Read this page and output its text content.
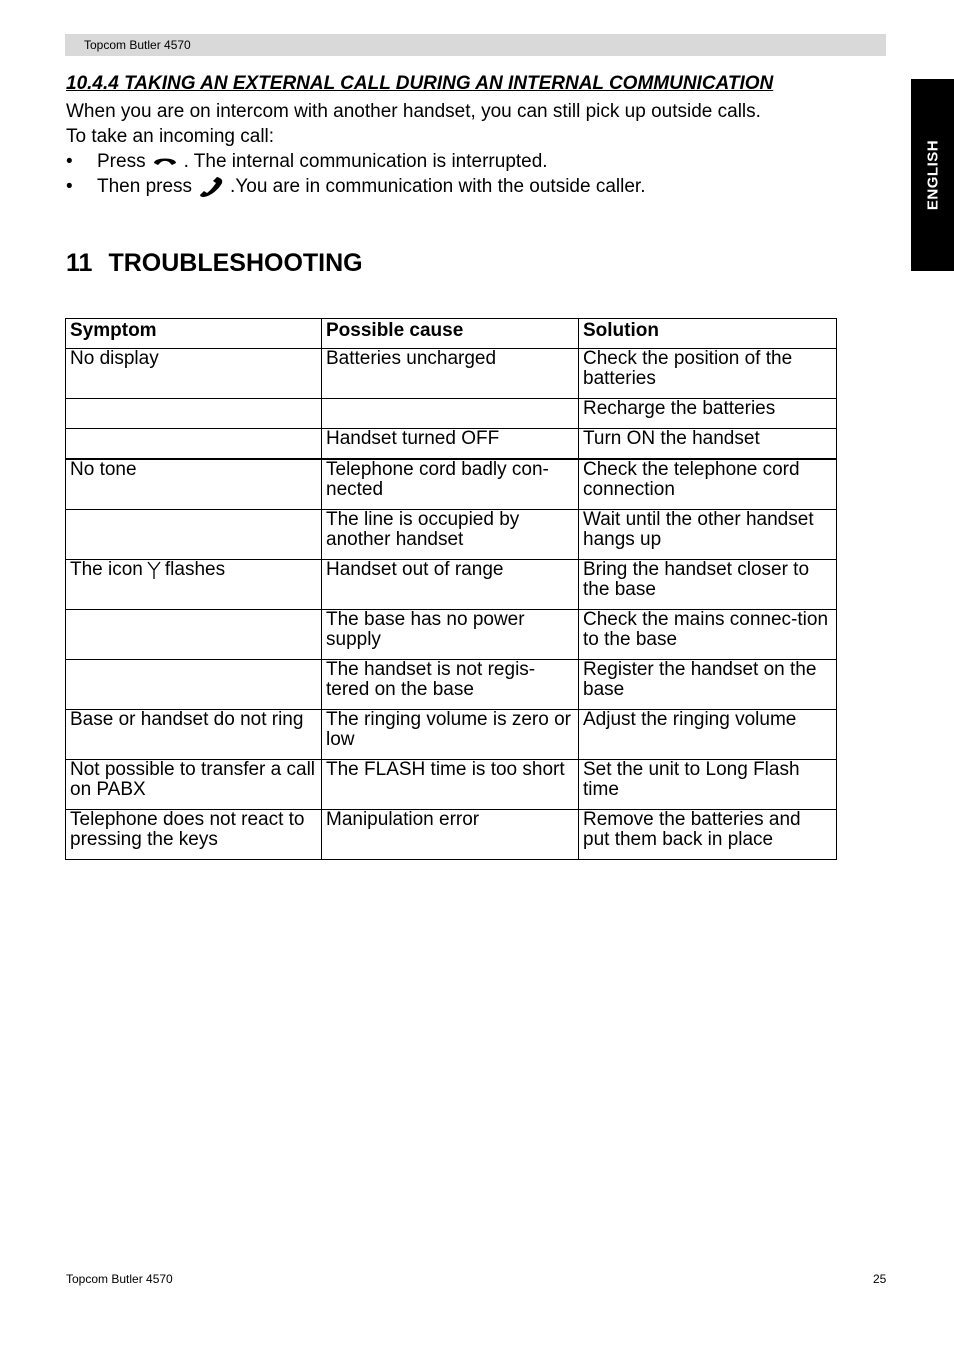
Topcom Butler 4570
ENGLISH
10.4.4 TAKING AN EXTERNAL CALL DURING AN INTERNAL COMMUNICATION

When you are on intercom with another handset, you can still pick up outside calls.

To take an incoming call:

•	Press . The internal communication is interrupted.
•	Then press .You are in communication with the outside caller.
11 TROUBLESHOOTING
Symptom	Possible cause	Solution
No display	Batteries uncharged	Check the position of the batteries
		Recharge the batteries
	Handset turned OFF	Turn ON the handset
No tone	Telephone cord badly con-nected	Check the telephone cord connection
	The line is occupied by another handset	Wait until the other handset hangs up
The icon flashes	Handset out of range	Bring the handset closer to the base
	The base has no power supply	Check the mains connec-tion to the base
	The handset is not regis-tered on the base	Register the handset on the base
Base or handset do not ring	The ringing volume is zero or low	Adjust the ringing volume
Not possible to transfer a call on PABX	The FLASH time is too short	Set the unit to Long Flash time
Telephone does not react to pressing the keys	Manipulation error	Remove the batteries and put them back in place
Topcom Butler 4570	25
